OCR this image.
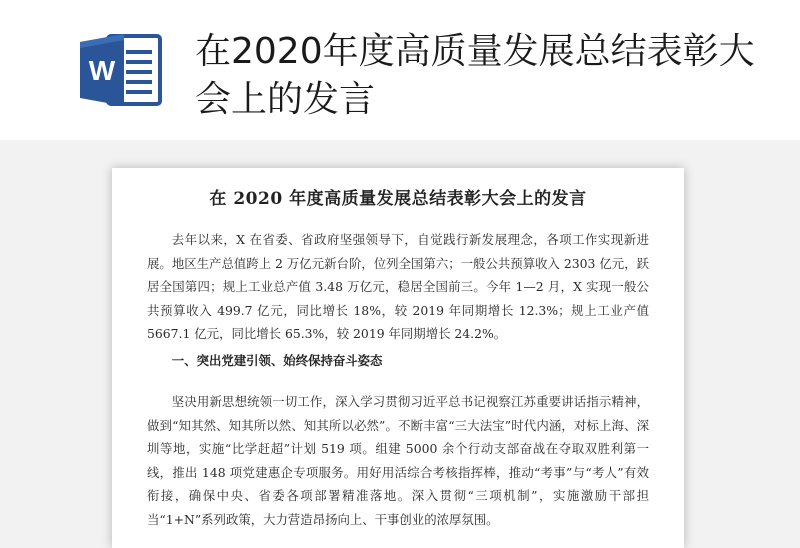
W 在2020年度高质量发展总结表彰大会上的发言
在 2020 年度高质量发展总结表彰大会上的发言

去年以来，X 在省委、省政府坚强领导下，自觉践行新发展理念，各项工作实现新进展。地区生产总值跨上 2 万亿元新台阶，位列全国第六；一般公共预算收入 2303 亿元，跃居全国第四；规上工业总产值 3.48 万亿元，稳居全国前三。今年 1—2 月，X 实现一般公共预算收入 499.7 亿元，同比增长 18%，较 2019 年同期增长 12.3%；规上工业产值 5667.1 亿元，同比增长 65.3%，较 2019 年同期增长 24.2%。

一、突出党建引领、始终保持奋斗姿态

坚决用新思想统领一切工作，深入学习贯彻习近平总书记视察江苏重要讲话指示精神，做到“知其然、知其所以然、知其所以必然”。不断丰富“三大法宝”时代内涵，对标上海、深圳等地，实施“比学赶超”计划 519 项。组建 5000 余个行动支部奋战在夺取双胜利第一线，推出 148 项党建惠企专项服务。用好用活综合考核指挥棒，推动“考事”与“考人”有效衔接，确保中央、省委各项部署精准落地。深入贯彻“三项机制”，实施激励干部担当“1+N”系列政策，大力营造昂扬向上、干事创业的浓厚氛围。
